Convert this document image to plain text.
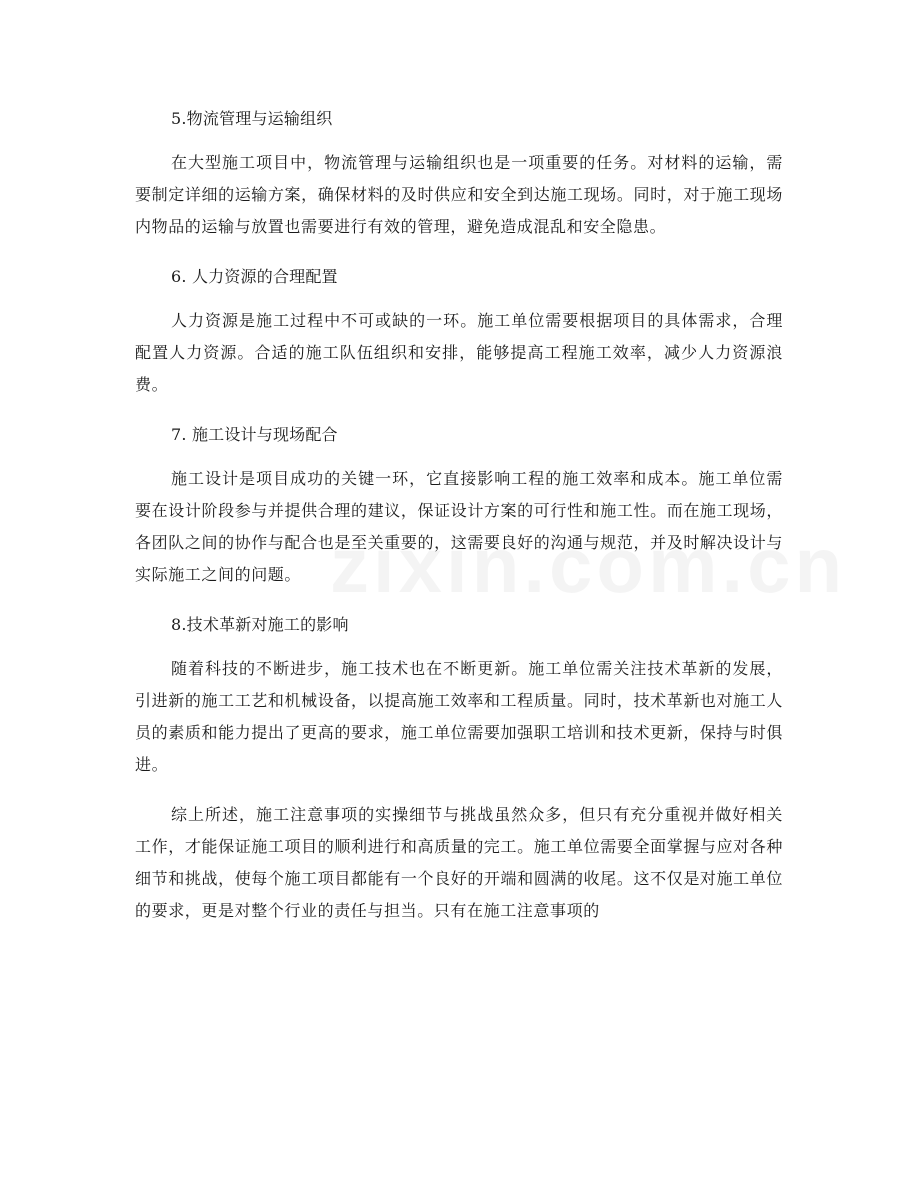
5.物流管理与运输组织

在大型施工项目中，物流管理与运输组织也是一项重要的任务。对材料的运输，需要制定详细的运输方案，确保材料的及时供应和安全到达施工现场。同时，对于施工现场内物品的运输与放置也需要进行有效的管理，避免造成混乱和安全隐患。

6. 人力资源的合理配置

人力资源是施工过程中不可或缺的一环。施工单位需要根据项目的具体需求，合理配置人力资源。合适的施工队伍组织和安排，能够提高工程施工效率，减少人力资源浪费。

7. 施工设计与现场配合

施工设计是项目成功的关键一环，它直接影响工程的施工效率和成本。施工单位需要在设计阶段参与并提供合理的建议，保证设计方案的可行性和施工性。而在施工现场，各团队之间的协作与配合也是至关重要的，这需要良好的沟通与规范，并及时解决设计与实际施工之间的问题。

8.技术革新对施工的影响

随着科技的不断进步，施工技术也在不断更新。施工单位需关注技术革新的发展，引进新的施工工艺和机械设备，以提高施工效率和工程质量。同时，技术革新也对施工人员的素质和能力提出了更高的要求，施工单位需要加强职工培训和技术更新，保持与时俱进。

综上所述，施工注意事项的实操细节与挑战虽然众多，但只有充分重视并做好相关工作，才能保证施工项目的顺利进行和高质量的完工。施工单位需要全面掌握与应对各种细节和挑战，使每个施工项目都能有一个良好的开端和圆满的收尾。这不仅是对施工单位的要求，更是对整个行业的责任与担当。只有在施工注意事项的
